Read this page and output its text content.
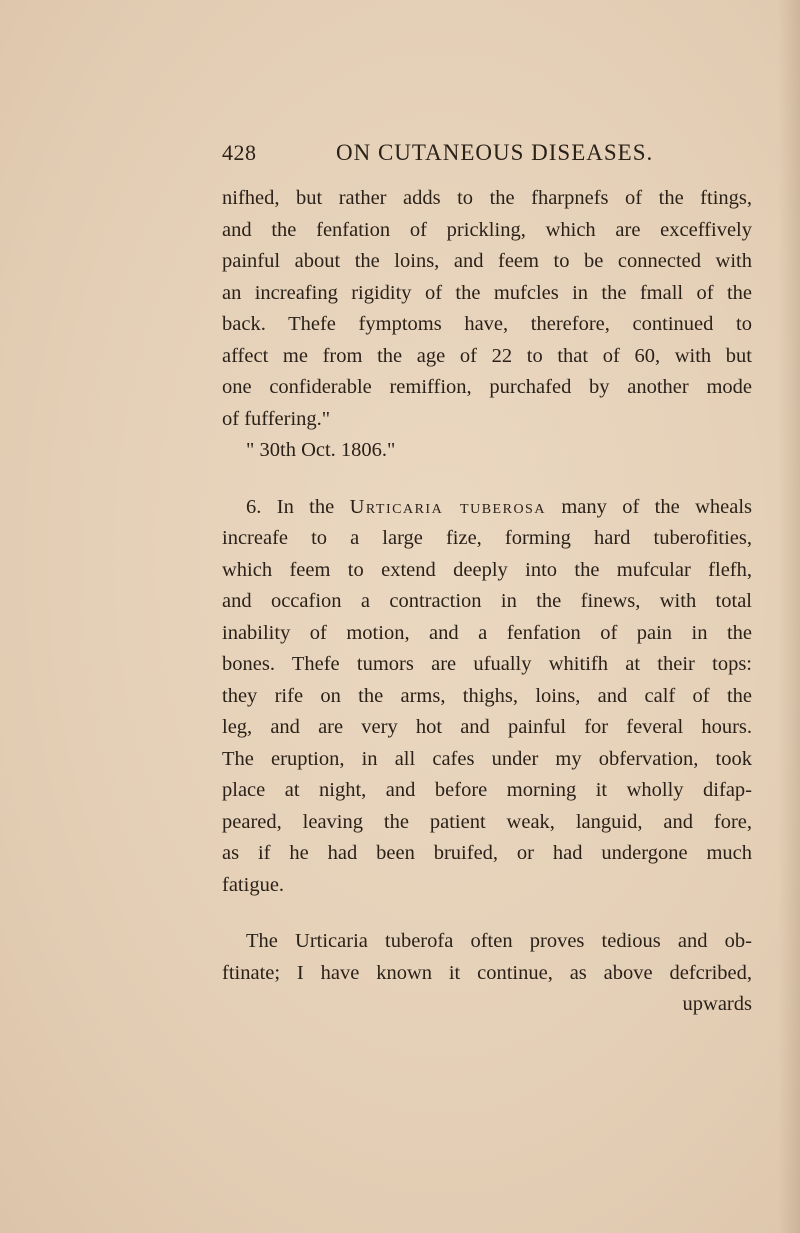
428	ON CUTANEOUS DISEASES.
nifhed, but rather adds to the fharpnefs of the ftings,
and the fenfation of prickling, which are exceffively
painful about the loins, and feem to be connected with
an increafing rigidity of the mufcles in the fmall of the
back. Thefe fymptoms have, therefore, continued to
affect me from the age of 22 to that of 60, with but
one confiderable remiffion, purchafed by another mode
of fuffering."
" 30th Oct. 1806."
6. In the Urticaria tuberosa many of the wheals
increafe to a large fize, forming hard tuberofities,
which feem to extend deeply into the mufcular flefh,
and occafion a contraction in the finews, with total
inability of motion, and a fenfation of pain in the
bones. Thefe tumors are ufually whitifh at their tops:
they rife on the arms, thighs, loins, and calf of the
leg, and are very hot and painful for feveral hours.
The eruption, in all cafes under my obfervation, took
place at night, and before morning it wholly difap-
peared, leaving the patient weak, languid, and fore,
as if he had been bruifed, or had undergone much
fatigue.
The Urticaria tuberofa often proves tedious and ob-
ftinate; I have known it continue, as above defcribed,
upwards
